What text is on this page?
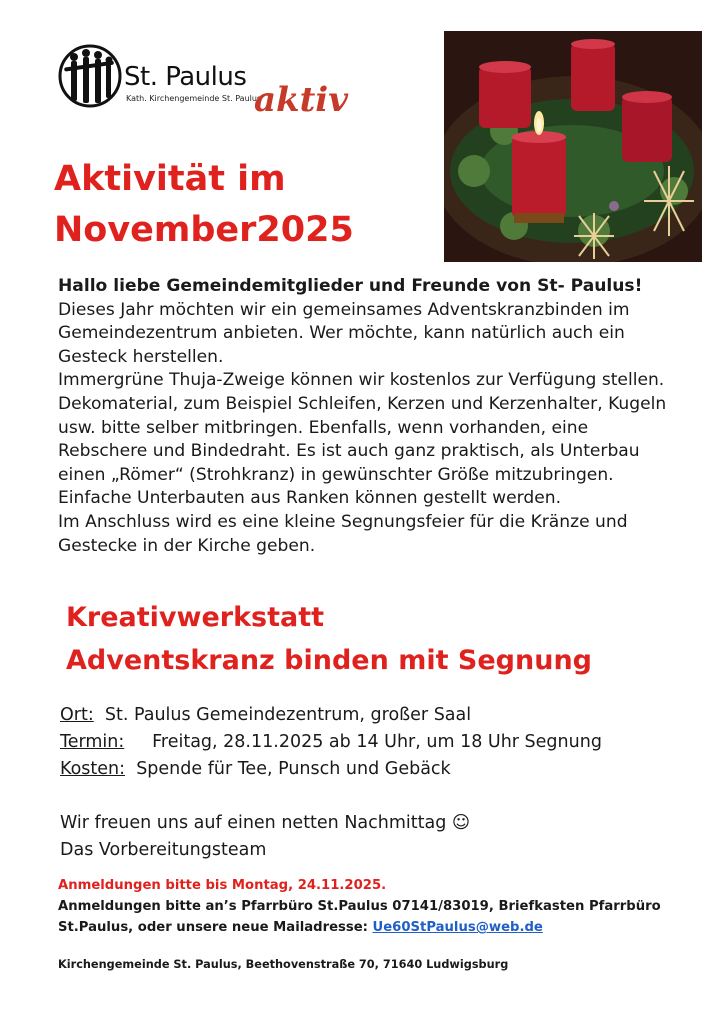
St. Paulus
Kath. Kirchengemeinde St. Paulus
aktiv
Aktivität im
November2025

Hallo liebe Gemeindemitglieder und Freunde von St- Paulus!

Dieses Jahr möchten wir ein gemeinsames Adventskranzbinden im

Gemeindezentrum anbieten. Wer möchte, kann natürlich auch ein

Gesteck herstellen.

Immergrüne Thuja-Zweige können wir kostenlos zur Verfügung stellen.

Dekomaterial, zum Beispiel Schleifen, Kerzen und Kerzenhalter, Kugeln

usw. bitte selber mitbringen. Ebenfalls, wenn vorhanden, eine

Rebschere und Bindedraht. Es ist auch ganz praktisch, als Unterbau

einen „Römer“ (Strohkranz) in gewünschter Größe mitzubringen.

Einfache Unterbauten aus Ranken können gestellt werden.

Im Anschluss wird es eine kleine Segnungsfeier für die Kränze und

Gestecke in der Kirche geben.

Kreativwerkstatt

Adventskranz binden mit Segnung

Ort: St. Paulus Gemeindezentrum, großer Saal
Termin: Freitag, 28.11.2025 ab 14 Uhr, um 18 Uhr Segnung
Kosten: Spende für Tee, Punsch und Gebäck

Wir freuen uns auf einen netten Nachmittag ☺

Das Vorbereitungsteam

Anmeldungen bitte bis Montag, 24.11.2025.

Anmeldungen bitte an’s Pfarrbüro St.Paulus 07141/83019, Briefkasten Pfarrbüro

St.Paulus, oder unsere neue Mailadresse: Ue60StPaulus@web.de

Kirchengemeinde St. Paulus, Beethovenstraße 70, 71640 Ludwigsburg
